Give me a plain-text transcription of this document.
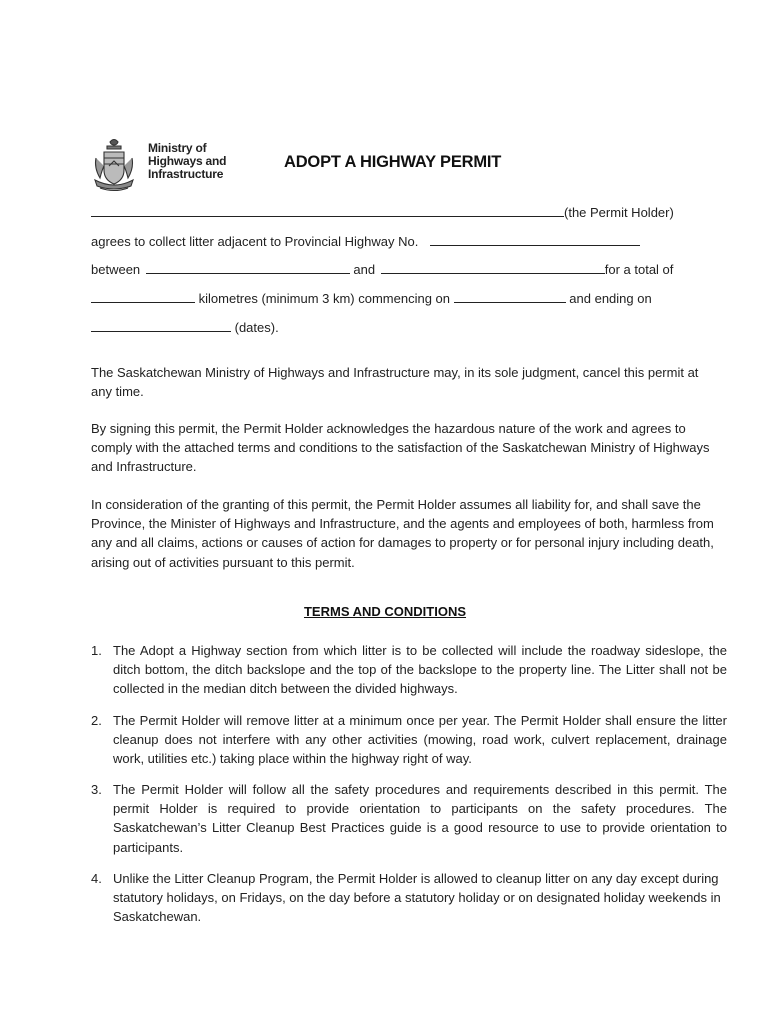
Ministry of
Highways and
Infrastructure
ADOPT A HIGHWAY PERMIT
(the Permit Holder)
agrees to collect litter adjacent to Provincial Highway No.
between	and	for a total of
kilometres (minimum 3 km) commencing on	and ending on
(dates).

The Saskatchewan Ministry of Highways and Infrastructure may, in its sole judgment, cancel this permit at any time.

By signing this permit, the Permit Holder acknowledges the hazardous nature of the work and agrees to comply with the attached terms and conditions to the satisfaction of the Saskatchewan Ministry of Highways and Infrastructure.

In consideration of the granting of this permit, the Permit Holder assumes all liability for, and shall save the Province, the Minister of Highways and Infrastructure, and the agents and employees of both, harmless from any and all claims, actions or causes of action for damages to property or for personal injury including death, arising out of activities pursuant to this permit.

TERMS AND CONDITIONS
1. The Adopt a Highway section from which litter is to be collected will include the roadway sideslope, the ditch bottom, the ditch backslope and the top of the backslope to the property line. The Litter shall not be collected in the median ditch between the divided highways.
2. The Permit Holder will remove litter at a minimum once per year. The Permit Holder shall ensure the litter cleanup does not interfere with any other activities (mowing, road work, culvert replacement, drainage work, utilities etc.) taking place within the highway right of way.
3. The Permit Holder will follow all the safety procedures and requirements described in this permit. The permit Holder is required to provide orientation to participants on the safety procedures. The Saskatchewan’s Litter Cleanup Best Practices guide is a good resource to use to provide orientation to participants.
4. Unlike the Litter Cleanup Program, the Permit Holder is allowed to cleanup litter on any day except during statutory holidays, on Fridays, on the day before a statutory holiday or on designated holiday weekends in Saskatchewan.
